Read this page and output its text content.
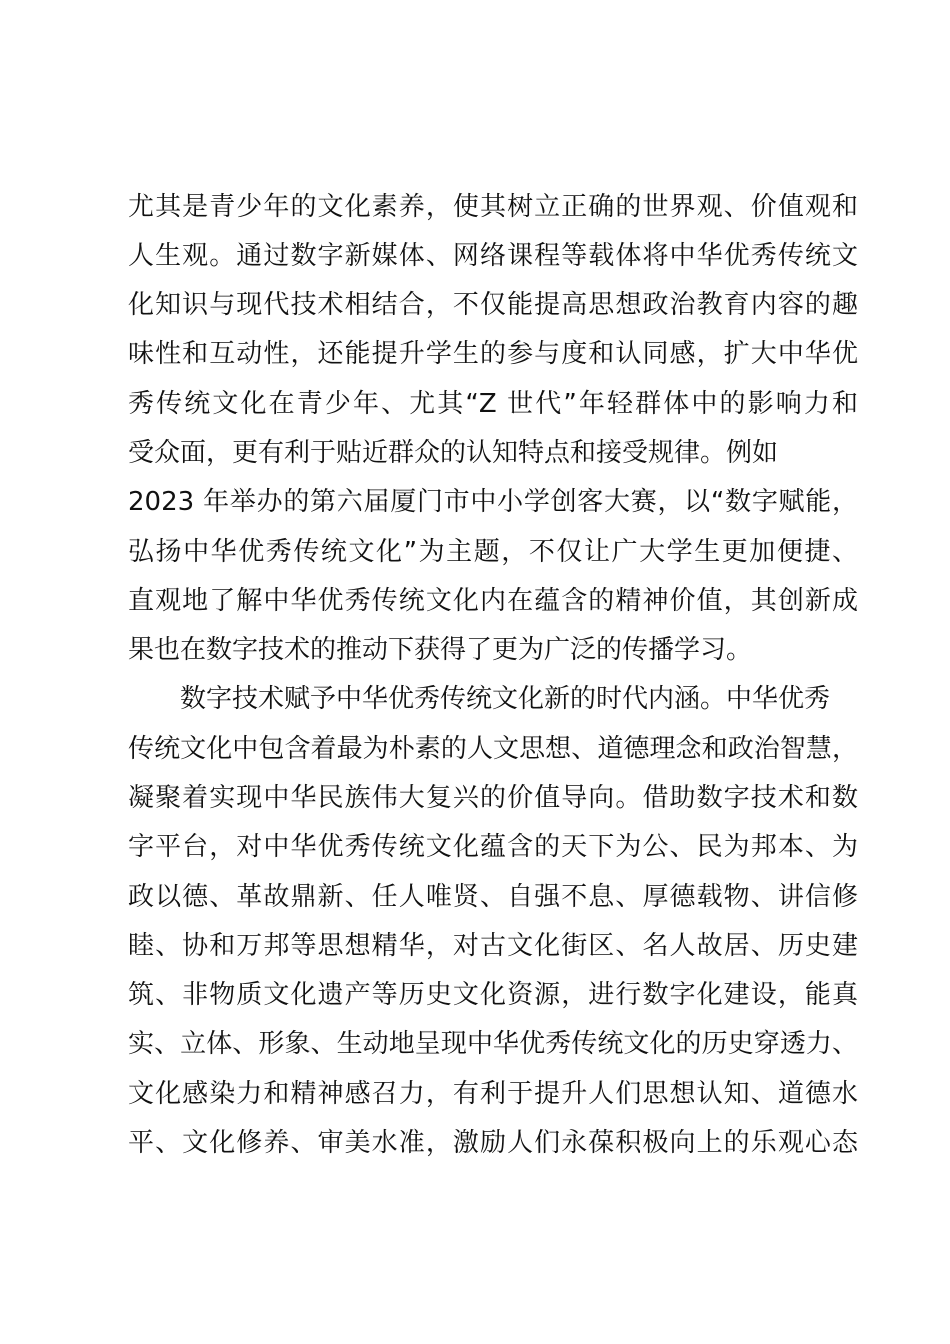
尤其是青少年的文化素养，使其树立正确的世界观、价值观和
人生观。通过数字新媒体、网络课程等载体将中华优秀传统文
化知识与现代技术相结合，不仅能提高思想政治教育内容的趣
味性和互动性，还能提升学生的参与度和认同感，扩大中华优
秀传统文化在青少年、尤其“Z 世代”年轻群体中的影响力和
受众面，更有利于贴近群众的认知特点和接受规律。例如
2023 年举办的第六届厦门市中小学创客大赛，以“数字赋能，
弘扬中华优秀传统文化”为主题，不仅让广大学生更加便捷、
直观地了解中华优秀传统文化内在蕴含的精神价值，其创新成
果也在数字技术的推动下获得了更为广泛的传播学习。
数字技术赋予中华优秀传统文化新的时代内涵。中华优秀
传统文化中包含着最为朴素的人文思想、道德理念和政治智慧，
凝聚着实现中华民族伟大复兴的价值导向。借助数字技术和数
字平台，对中华优秀传统文化蕴含的天下为公、民为邦本、为
政以德、革故鼎新、任人唯贤、自强不息、厚德载物、讲信修
睦、协和万邦等思想精华，对古文化街区、名人故居、历史建
筑、非物质文化遗产等历史文化资源，进行数字化建设，能真
实、立体、形象、生动地呈现中华优秀传统文化的历史穿透力、
文化感染力和精神感召力，有利于提升人们思想认知、道德水
平、文化修养、审美水准，激励人们永葆积极向上的乐观心态
